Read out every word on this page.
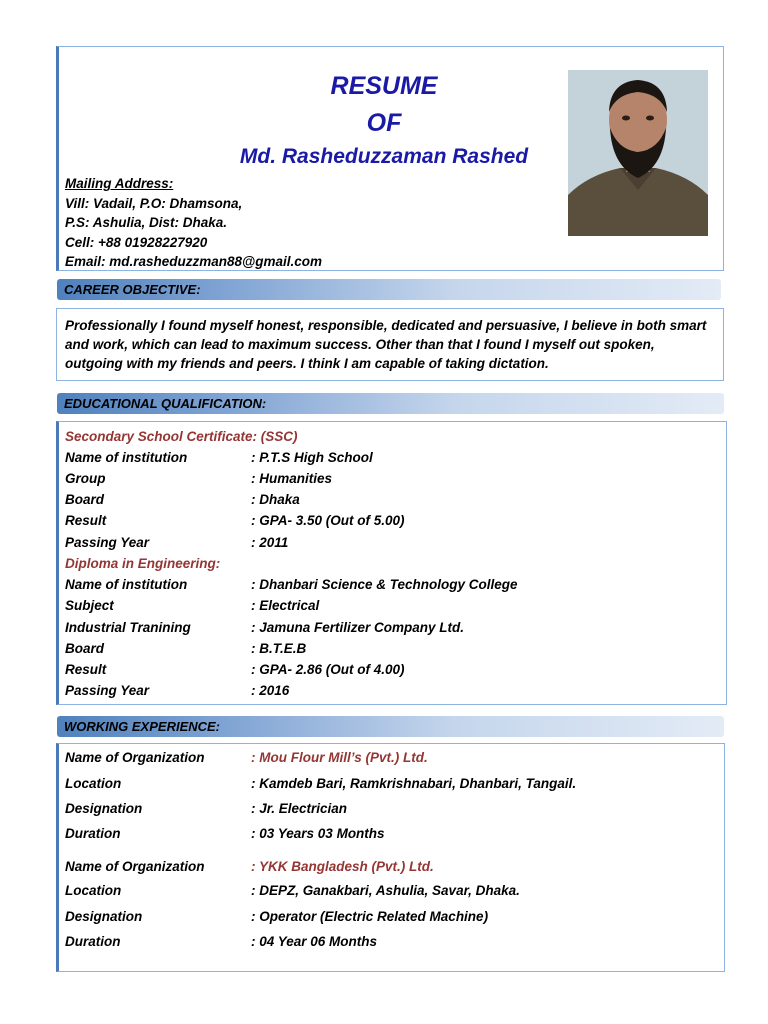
RESUME
OF
Md. Rasheduzzaman Rashed
Mailing Address:
Vill: Vadail, P.O: Dhamsona,
P.S: Ashulia, Dist: Dhaka.
Cell: +88 01928227920
Email: md.rasheduzzman88@gmail.com
CAREER OBJECTIVE:
Professionally I found myself honest, responsible, dedicated and persuasive, I believe in both smart and work, which can lead to maximum success. Other than that I found I myself out spoken, outgoing with my friends and peers. I think I am capable of taking dictation.
EDUCATIONAL QUALIFICATION:
Secondary School Certificate: (SSC)
Name of institution	: P.T.S High School
Group	: Humanities
Board	: Dhaka
Result	: GPA- 3.50 (Out of 5.00)
Passing Year	: 2011
Diploma in Engineering:
Name of institution	: Dhanbari Science & Technology College
Subject	: Electrical
Industrial Tranining	: Jamuna Fertilizer Company Ltd.
Board	: B.T.E.B
Result	: GPA- 2.86 (Out of 4.00)
Passing Year	: 2016
WORKING EXPERIENCE:
Name of Organization	: Mou Flour Mill’s (Pvt.) Ltd.
Location	: Kamdeb Bari, Ramkrishnabari, Dhanbari, Tangail.
Designation	: Jr. Electrician
Duration	: 03 Years 03 Months
Name of Organization	: YKK Bangladesh (Pvt.) Ltd.
Location	: DEPZ, Ganakbari, Ashulia, Savar, Dhaka.
Designation	: Operator (Electric Related Machine)
Duration	: 04 Year 06 Months
